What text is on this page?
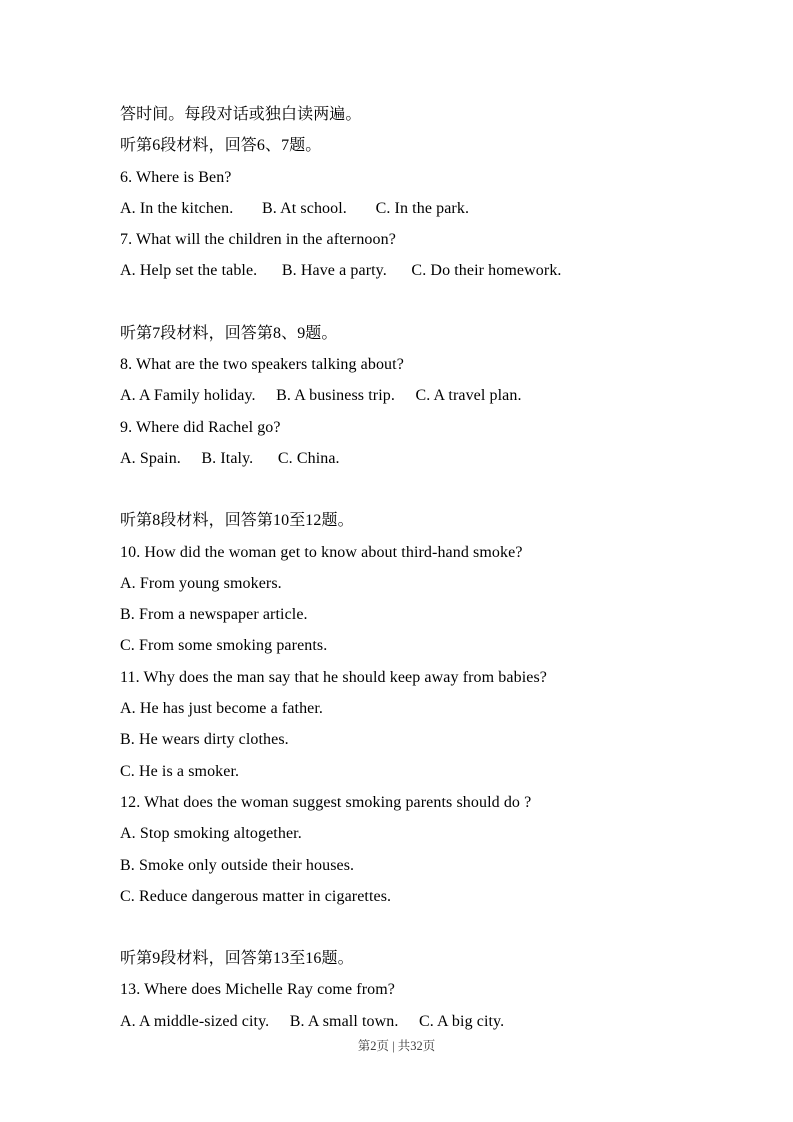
答时间。每段对话或独白读两遍。
听第6段材料，回答6、7题。
6. Where is Ben?
A. In the kitchen.       B. At school.       C. In the park.
7. What will the children in the afternoon?
A. Help set the table.      B. Have a party.      C. Do their homework.
听第7段材料，回答第8、9题。
8. What are the two speakers talking about?
A. A Family holiday.     B. A business trip.     C. A travel plan.
9. Where did Rachel go?
A. Spain.     B. Italy.      C. China.
听第8段材料，回答第10至12题。
10. How did the woman get to know about third-hand smoke?
A. From young smokers.
B. From a newspaper article.
C. From some smoking parents.
11. Why does the man say that he should keep away from babies?
A. He has just become a father.
B. He wears dirty clothes.
C. He is a smoker.
12. What does the woman suggest smoking parents should do ?
A. Stop smoking altogether.
B. Smoke only outside their houses.
C. Reduce dangerous matter in cigarettes.
听第9段材料，回答第13至16题。
13. Where does Michelle Ray come from?
A. A middle-sized city.     B. A small town.     C. A big city.
第2页 | 共32页
